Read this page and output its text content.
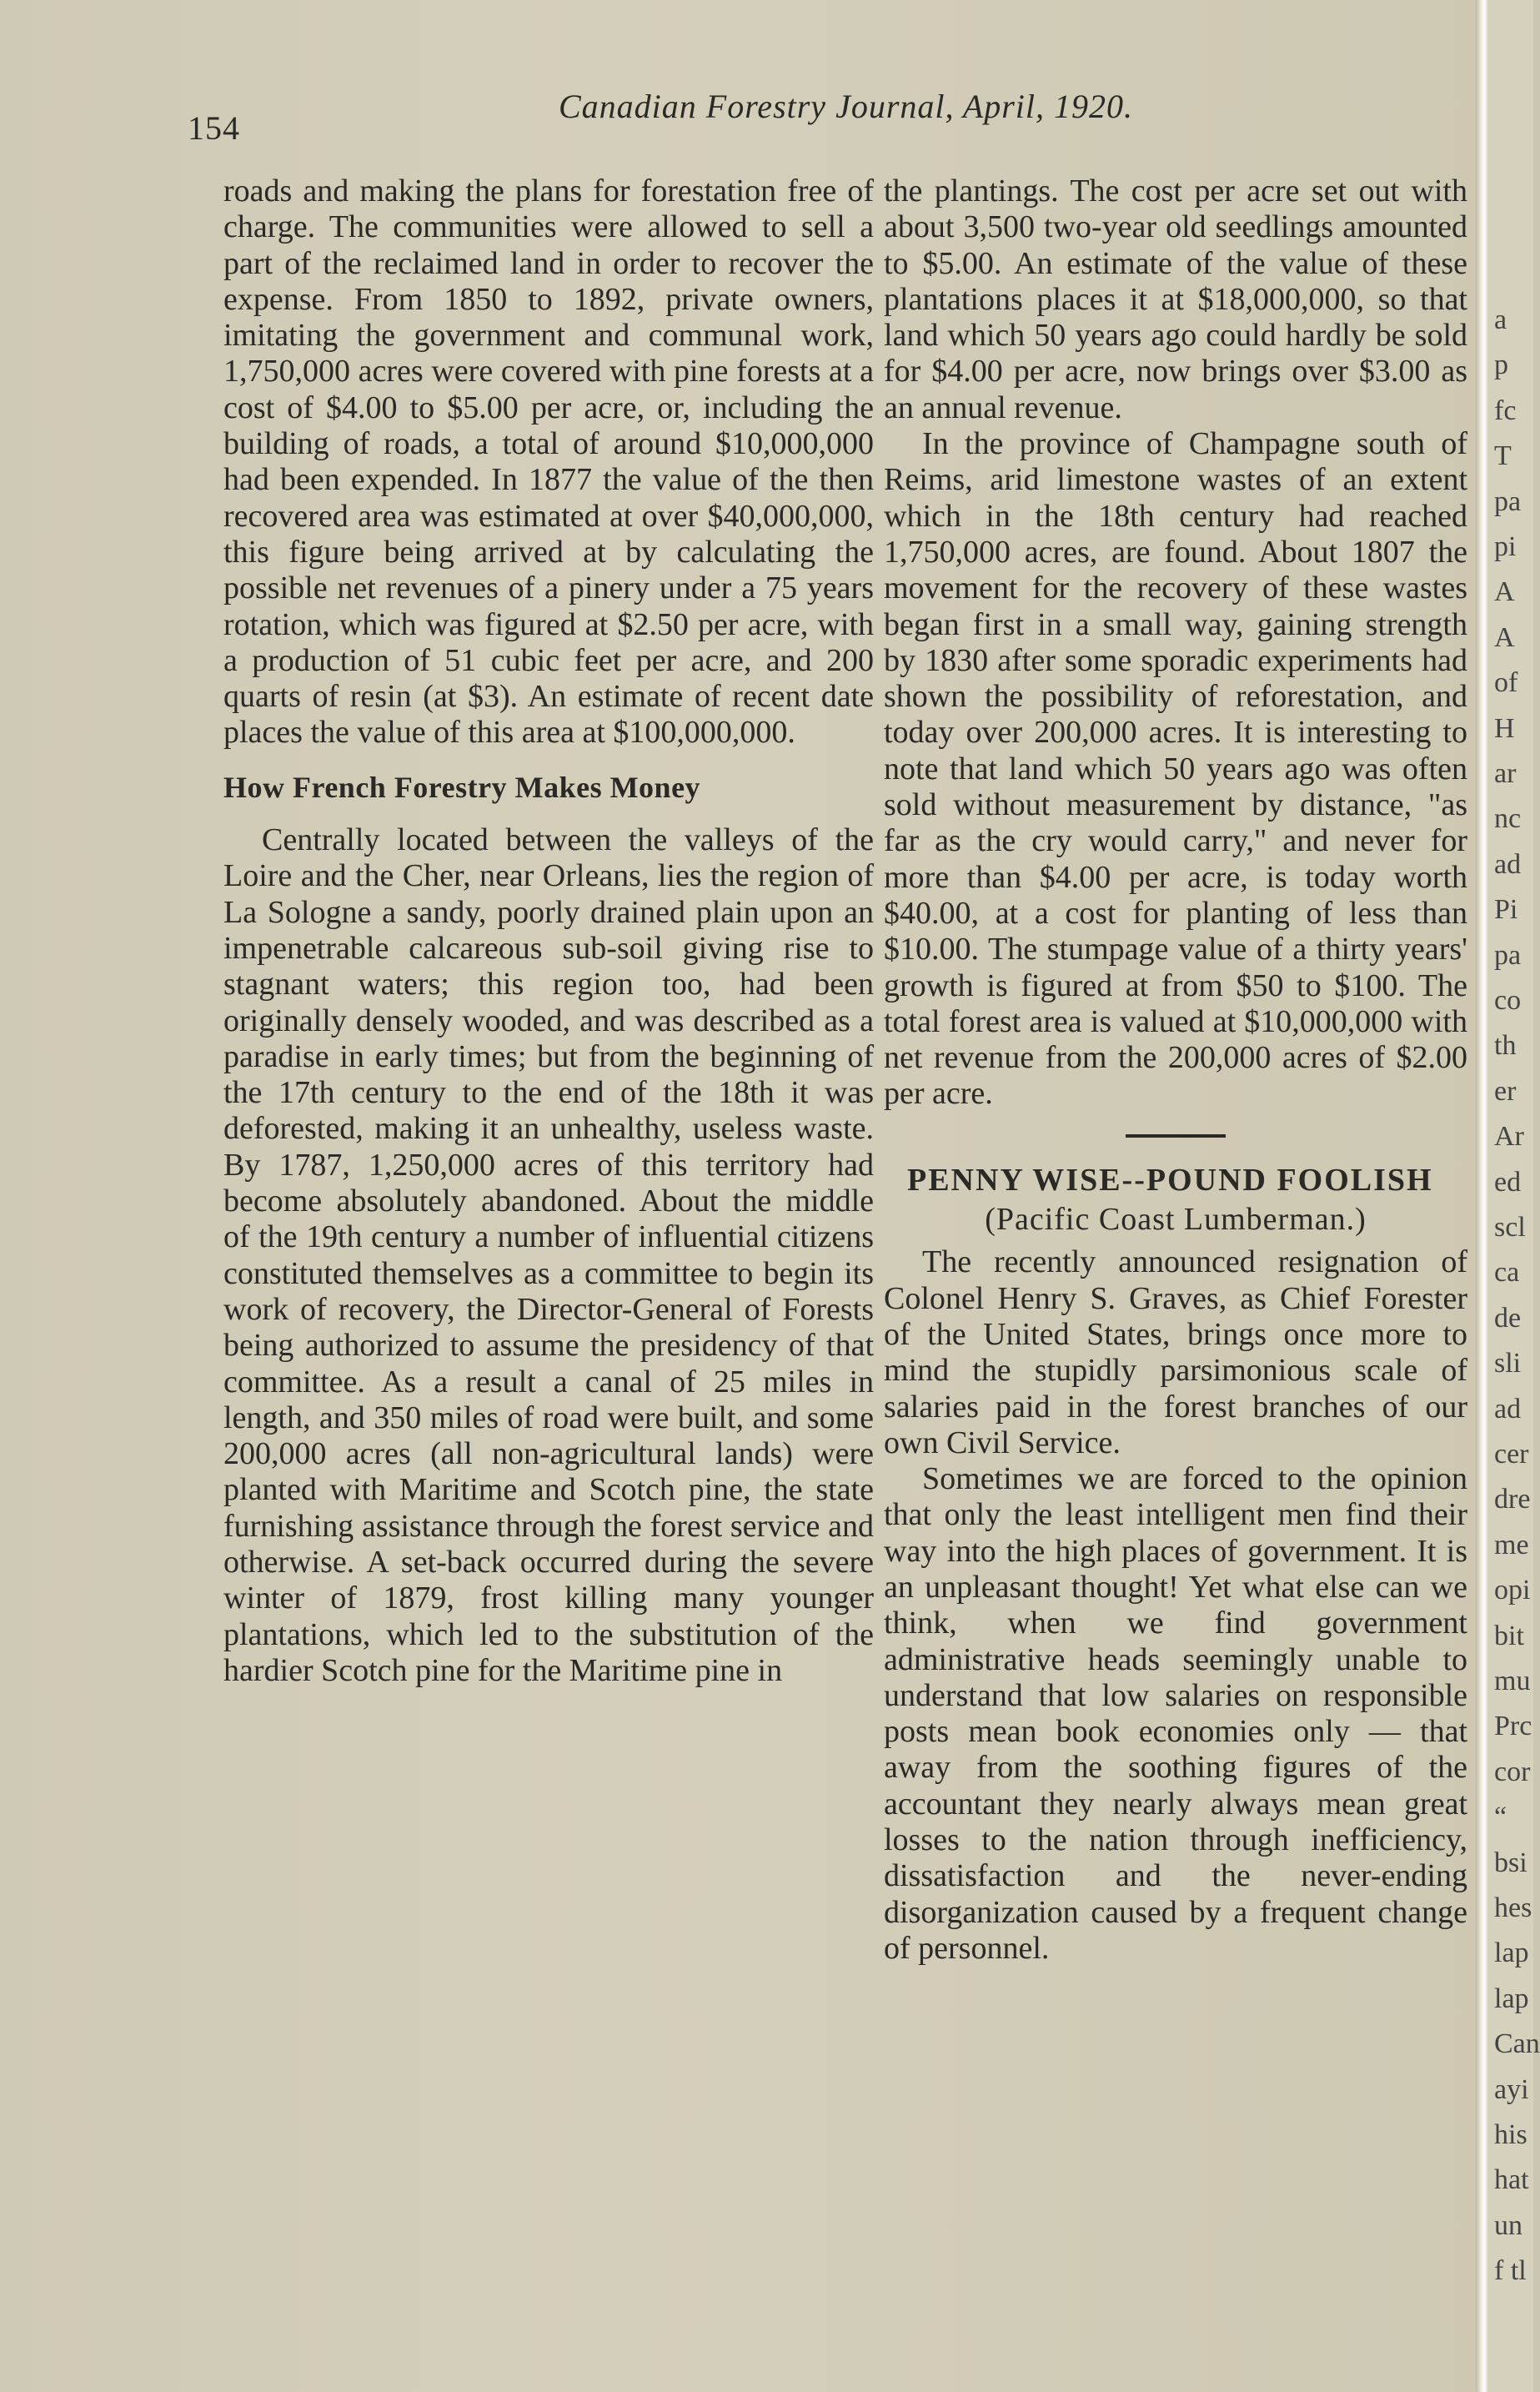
154
Canadian Forestry Journal, April, 1920.

roads and making the plans for forestation free of charge. The communities were allowed to sell a part of the reclaimed land in order to recover the expense. From 1850 to 1892, private owners, imitating the government and communal work, 1,750,000 acres were covered with pine forests at a cost of $4.00 to $5.00 per acre, or, including the building of roads, a total of around $10,000,000 had been expended. In 1877 the value of the then recovered area was estimated at over $40,000,000, this figure being arrived at by calculating the possible net revenues of a pinery under a 75 years rotation, which was figured at $2.50 per acre, with a production of 51 cubic feet per acre, and 200 quarts of resin (at $3). An estimate of recent date places the value of this area at $100,000,000.

How French Forestry Makes Money

Centrally located between the valleys of the Loire and the Cher, near Orleans, lies the region of La Sologne a sandy, poorly drained plain upon an impenetrable calcareous sub-soil giving rise to stagnant waters; this region too, had been originally densely wooded, and was described as a paradise in early times; but from the beginning of the 17th century to the end of the 18th it was deforested, making it an unhealthy, useless waste. By 1787, 1,250,000 acres of this territory had become absolutely abandoned. About the middle of the 19th century a number of influential citizens constituted themselves as a committee to begin its work of recovery, the Director-General of Forests being authorized to assume the presidency of that committee. As a result a canal of 25 miles in length, and 350 miles of road were built, and some 200,000 acres (all non-agricultural lands) were planted with Maritime and Scotch pine, the state furnishing assistance through the forest service and otherwise. A set-back occurred during the severe winter of 1879, frost killing many younger plantations, which led to the substitution of the hardier Scotch pine for the Maritime pine in

the plantings. The cost per acre set out with about 3,500 two-year old seedlings amounted to $5.00. An estimate of the value of these plantations places it at $18,000,000, so that land which 50 years ago could hardly be sold for $4.00 per acre, now brings over $3.00 as an annual revenue.

In the province of Champagne south of Reims, arid limestone wastes of an extent which in the 18th century had reached 1,750,000 acres, are found. About 1807 the movement for the recovery of these wastes began first in a small way, gaining strength by 1830 after some sporadic experiments had shown the possibility of reforestation, and today over 200,000 acres. It is interesting to note that land which 50 years ago was often sold without measurement by distance, "as far as the cry would carry," and never for more than $4.00 per acre, is today worth $40.00, at a cost for planting of less than $10.00. The stumpage value of a thirty years' growth is figured at from $50 to $100. The total forest area is valued at $10,000,000 with net revenue from the 200,000 acres of $2.00 per acre.

PENNY WISE--POUND FOOLISH
(Pacific Coast Lumberman.)

The recently announced resignation of Colonel Henry S. Graves, as Chief Forester of the United States, brings once more to mind the stupidly parsimonious scale of salaries paid in the forest branches of our own Civil Service.

Sometimes we are forced to the opinion that only the least intelligent men find their way into the high places of government. It is an unpleasant thought! Yet what else can we think, when we find government administrative heads seemingly unable to understand that low salaries on responsible posts mean book economies only — that away from the soothing figures of the accountant they nearly always mean great losses to the nation through inefficiency, dissatisfaction and the never-ending disorganization caused by a frequent change of personnel.

a
p
fc
T
pa
pi
A
A
of
H
ar
nc
ad
Pi
pa
co
th
er
Ar
ed
scl
ca
de
sli
ad
cer
dre
me
opi
bit
mu
Prc
cor
“
bsi
hes
lap
lap
Can
ayi
his
hat
un
f tl
